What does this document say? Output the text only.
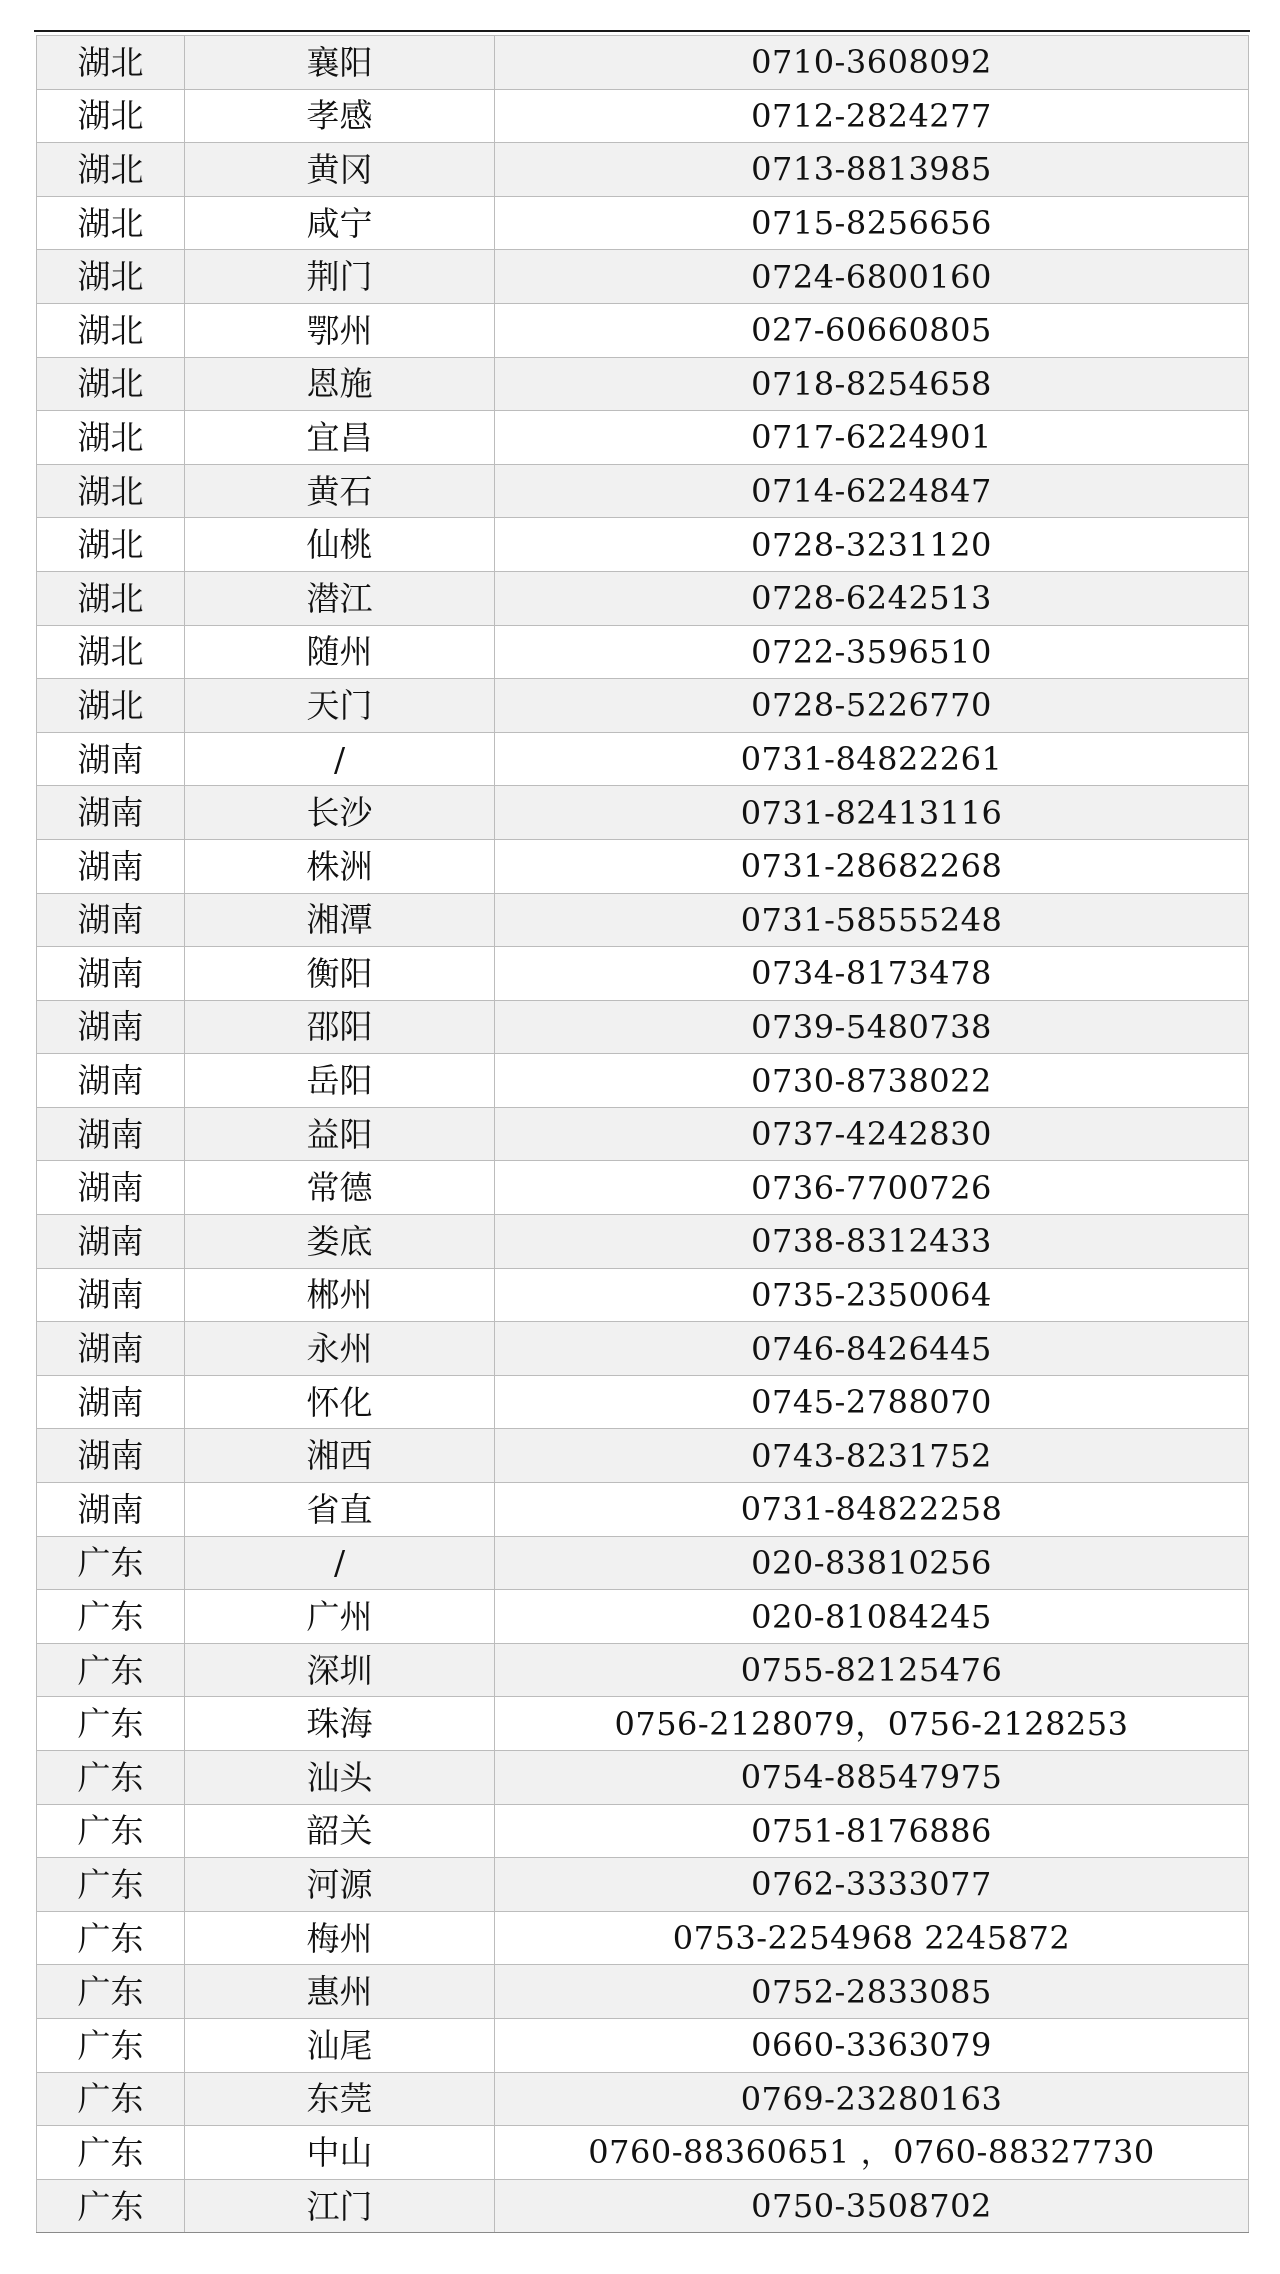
湖北	襄阳	0710-3608092
湖北	孝感	0712-2824277
湖北	黄冈	0713-8813985
湖北	咸宁	0715-8256656
湖北	荆门	0724-6800160
湖北	鄂州	027-60660805
湖北	恩施	0718-8254658
湖北	宜昌	0717-6224901
湖北	黄石	0714-6224847
湖北	仙桃	0728-3231120
湖北	潜江	0728-6242513
湖北	随州	0722-3596510
湖北	天门	0728-5226770
湖南	/	0731-84822261
湖南	长沙	0731-82413116
湖南	株洲	0731-28682268
湖南	湘潭	0731-58555248
湖南	衡阳	0734-8173478
湖南	邵阳	0739-5480738
湖南	岳阳	0730-8738022
湖南	益阳	0737-4242830
湖南	常德	0736-7700726
湖南	娄底	0738-8312433
湖南	郴州	0735-2350064
湖南	永州	0746-8426445
湖南	怀化	0745-2788070
湖南	湘西	0743-8231752
湖南	省直	0731-84822258
广东	/	020-83810256
广东	广州	020-81084245
广东	深圳	0755-82125476
广东	珠海	0756-2128079，0756-2128253
广东	汕头	0754-88547975
广东	韶关	0751-8176886
广东	河源	0762-3333077
广东	梅州	0753-2254968 2245872
广东	惠州	0752-2833085
广东	汕尾	0660-3363079
广东	东莞	0769-23280163
广东	中山	0760-88360651 ，0760-88327730
广东	江门	0750-3508702
